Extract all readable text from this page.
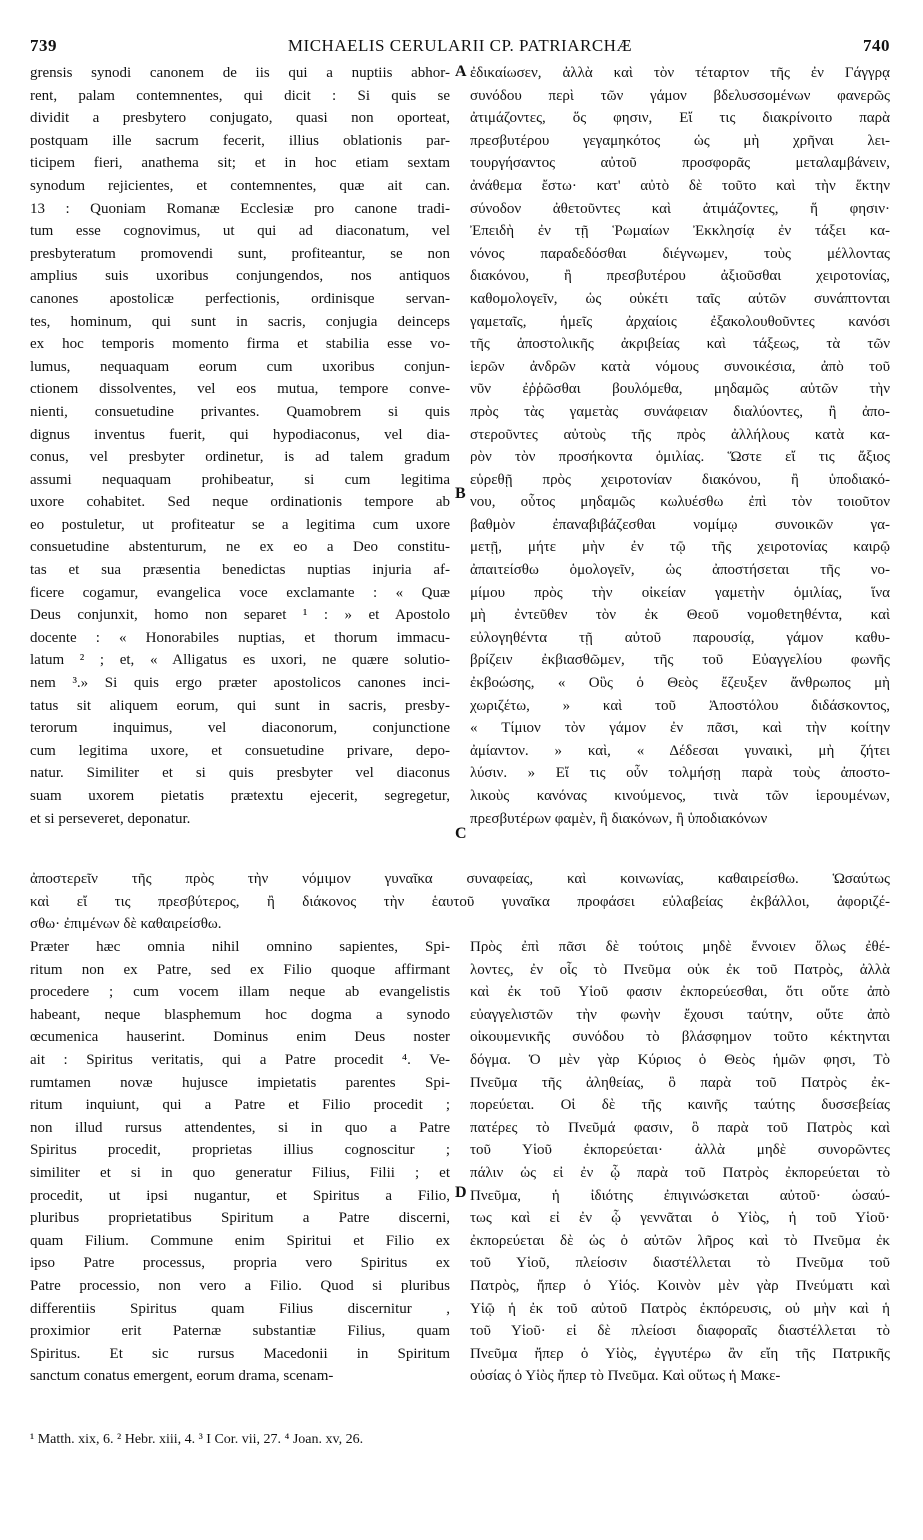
739	MICHAELIS CERULARII CP. PATRIARCHÆ	740
A
B
C
D
grensis synodi canonem de iis qui a nuptiis abhor-
rent, palam contemnentes, qui dicit : Si quis se
dividit a presbytero conjugato, quasi non oporteat,
postquam ille sacrum fecerit, illius oblationis par-
ticipem fieri, anathema sit; et in hoc etiam sextam
synodum rejicientes, et contemnentes, quæ ait can.
13 : Quoniam Romanæ Ecclesiæ pro canone tradi-
tum esse cognovimus, ut qui ad diaconatum, vel
presbyteratum promovendi sunt, profiteantur, se non
amplius suis uxoribus conjungendos, nos antiquos
canones apostolicæ perfectionis, ordinisque servan-
tes, hominum, qui sunt in sacris, conjugia deinceps
ex hoc temporis momento firma et stabilia esse vo-
lumus, nequaquam eorum cum uxoribus conjun-
ctionem dissolventes, vel eos mutua, tempore conve-
nienti, consuetudine privantes. Quamobrem si quis
dignus inventus fuerit, qui hypodiaconus, vel dia-
conus, vel presbyter ordinetur, is ad talem gradum
assumi nequaquam prohibeatur, si cum legitima
uxore cohabitet. Sed neque ordinationis tempore ab
eo postuletur, ut profiteatur se a legitima cum uxore
consuetudine abstenturum, ne ex eo a Deo constitu-
tas et sua præsentia benedictas nuptias injuria af-
ficere cogamur, evangelica voce exclamante : « Quæ
Deus conjunxit, homo non separet ¹ : » et Apostolo
docente : « Honorabiles nuptias, et thorum immacu-
latum ² ; et, « Alligatus es uxori, ne quære solutio-
nem ³.» Si quis ergo præter apostolicos canones inci-
tatus sit aliquem eorum, qui sunt in sacris, presby-
terorum inquimus, vel diaconorum, conjunctione
cum legitima uxore, et consuetudine privare, depo-
natur. Similiter et si quis presbyter vel diaconus
suam uxorem pietatis prætextu ejecerit, segregetur,
et si perseveret, deponatur.
ἐδικαίωσεν, ἀλλὰ καὶ τὸν τέταρτον τῆς ἐν Γάγγρᾳ
συνόδου περὶ τῶν γάμον βδελυσσομένων φανερῶς
ἀτιμάζοντες, ὅς φησιν, Εἴ τις διακρίνοιτο παρὰ
πρεσβυτέρου γεγαμηκότος ὡς μὴ χρῆναι λει-
τουργήσαντος αὐτοῦ προσφορᾶς μεταλαμβάνειν,
ἀνάθεμα ἔστω· κατ' αὐτὸ δὲ τοῦτο καὶ τὴν ἕκτην
σύνοδον ἀθετοῦντες καὶ ἀτιμάζοντες, ἥ φησιν·
Ἐπειδὴ ἐν τῇ Ῥωμαίων Ἐκκλησίᾳ ἐν τάξει κα-
νόνος παραδεδόσθαι διέγνωμεν, τοὺς μέλλοντας
διακόνου, ἢ πρεσβυτέρου ἀξιοῦσθαι χειροτονίας,
καθομολογεῖν, ὡς οὐκέτι ταῖς αὐτῶν συνάπτονται
γαμεταῖς, ἡμεῖς ἀρχαίοις ἐξακολουθοῦντες κανόσι
τῆς ἀποστολικῆς ἀκριβείας καὶ τάξεως, τὰ τῶν
ἱερῶν ἀνδρῶν κατὰ νόμους συνοικέσια, ἀπὸ τοῦ
νῦν ἐῤῥῶσθαι βουλόμεθα, μηδαμῶς αὐτῶν τὴν
πρὸς τὰς γαμετὰς συνάφειαν διαλύοντες, ἢ ἀπο-
στεροῦντες αὐτοὺς τῆς πρὸς ἀλλήλους κατὰ κα-
ρὸν τὸν προσήκοντα ὁμιλίας. Ὥστε εἴ τις ἄξιος
εὑρεθῇ πρὸς χειροτονίαν διακόνου, ἢ ὑποδιακό-
νου, οὗτος μηδαμῶς κωλυέσθω ἐπὶ τὸν τοιοῦτον
βαθμὸν ἐπαναβιβάζεσθαι νομίμῳ συνοικῶν γα-
μετῇ, μήτε μὴν ἐν τῷ τῆς χειροτονίας καιρῷ
ἀπαιτείσθω ὁμολογεῖν, ὡς ἀποστήσεται τῆς νο-
μίμου πρὸς τὴν οἰκείαν γαμετὴν ὁμιλίας, ἵνα
μὴ ἐντεῦθεν τὸν ἐκ Θεοῦ νομοθετηθέντα, καὶ
εὐλογηθέντα τῇ αὐτοῦ παρουσίᾳ, γάμον καθυ-
βρίζειν ἐκβιασθῶμεν, τῆς τοῦ Εὐαγγελίου φωνῆς
ἐκβοώσης, « Οὓς ὁ Θεὸς ἔζευξεν ἄνθρωπος μὴ
χωριζέτω, » καὶ τοῦ Ἀποστόλου διδάσκοντος,
« Τίμιον τὸν γάμον ἐν πᾶσι, καὶ τὴν κοίτην
ἀμίαντον. » καὶ, « Δέδεσαι γυναικὶ, μὴ ζήτει
λύσιν. » Εἴ τις οὖν τολμήσῃ παρὰ τοὺς ἀποστο-
λικοὺς κανόνας κινούμενος, τινὰ τῶν ἱερουμένων,
πρεσβυτέρων φαμὲν, ἢ διακόνων, ἢ ὑποδιακόνων
ἀποστερεῖν τῆς πρὸς τὴν νόμιμον γυναῖκα συναφείας, καὶ κοινωνίας, καθαιρείσθω. Ὡσαύτως
καὶ εἴ τις πρεσβύτερος, ἢ διάκονος τὴν ἑαυτοῦ γυναῖκα προφάσει εὐλαβείας ἐκβάλλοι, ἀφοριζέ-
σθω· ἐπιμένων δὲ καθαιρείσθω.
Præter hæc omnia nihil omnino sapientes, Spi-
ritum non ex Patre, sed ex Filio quoque affirmant
procedere ; cum vocem illam neque ab evangelistis
habeant, neque blasphemum hoc dogma a synodo
œcumenica hauserint. Dominus enim Deus noster
ait : Spiritus veritatis, qui a Patre procedit ⁴. Ve-
rumtamen novæ hujusce impietatis parentes Spi-
ritum inquiunt, qui a Patre et Filio procedit ;
non illud rursus attendentes, si in quo a Patre
Spiritus procedit, proprietas illius cognoscitur ;
similiter et si in quo generatur Filius, Filii ; et
procedit, ut ipsi nugantur, et Spiritus a Filio,
pluribus proprietatibus Spiritum a Patre discerni,
quam Filium. Commune enim Spiritui et Filio ex
ipso Patre processus, propria vero Spiritus ex
Patre processio, non vero a Filio. Quod si pluribus
differentiis Spiritus quam Filius discernitur ,
proximior erit Paternæ substantiæ Filius, quam
Spiritus. Et sic rursus Macedonii in Spiritum
sanctum conatus emergent, eorum drama, scenam-
Πρὸς ἐπὶ πᾶσι δὲ τούτοις μηδὲ ἔννοιεν ὅλως ἐθέ-
λοντες, ἐν οἷς τὸ Πνεῦμα οὐκ ἐκ τοῦ Πατρὸς, ἀλλὰ
καὶ ἐκ τοῦ Υἱοῦ φασιν ἐκπορεύεσθαι, ὅτι οὔτε ἀπὸ
εὐαγγελιστῶν τὴν φωνὴν ἔχουσι ταύτην, οὔτε ἀπὸ
οἰκουμενικῆς συνόδου τὸ βλάσφημον τοῦτο κέκτηνται
δόγμα. Ὁ μὲν γὰρ Κύριος ὁ Θεὸς ἡμῶν φησι, Τὸ
Πνεῦμα τῆς ἀληθείας, ὃ παρὰ τοῦ Πατρὸς ἐκ-
πορεύεται. Οἱ δὲ τῆς καινῆς ταύτης δυσσεβείας
πατέρες τὸ Πνεῦμά φασιν, ὃ παρὰ τοῦ Πατρὸς καὶ
τοῦ Υἱοῦ ἐκπορεύεται· ἀλλὰ μηδὲ συνορῶντες
πάλιν ὡς εἰ ἐν ᾧ παρὰ τοῦ Πατρὸς ἐκπορεύεται τὸ
Πνεῦμα, ἡ ἰδιότης ἐπιγινώσκεται αὐτοῦ· ὡσαύ-
τως καὶ εἰ ἐν ᾧ γεννᾶται ὁ Υἱὸς, ἡ τοῦ Υἱοῦ·
ἐκπορεύεται δὲ ὡς ὁ αὐτῶν λῆρος καὶ τὸ Πνεῦμα ἐκ
τοῦ Υἱοῦ, πλείοσιν διαστέλλεται τὸ Πνεῦμα τοῦ
Πατρὸς, ἤπερ ὁ Υἱός. Κοινὸν μὲν γὰρ Πνεύματι καὶ
Υἱῷ ἡ ἐκ τοῦ αὐτοῦ Πατρὸς ἐκπόρευσις, οὐ μὴν καὶ ἡ
τοῦ Υἱοῦ· εἰ δὲ πλείοσι διαφοραῖς διαστέλλεται τὸ
Πνεῦμα ἤπερ ὁ Υἱὸς, ἐγγυτέρω ἂν εἴη τῆς Πατρικῆς
οὐσίας ὁ Υἱὸς ἤπερ τὸ Πνεῦμα. Καὶ οὕτως ἡ Μακε-
¹ Matth. xix, 6. ² Hebr. xiii, 4. ³ I Cor. vii, 27. ⁴ Joan. xv, 26.
